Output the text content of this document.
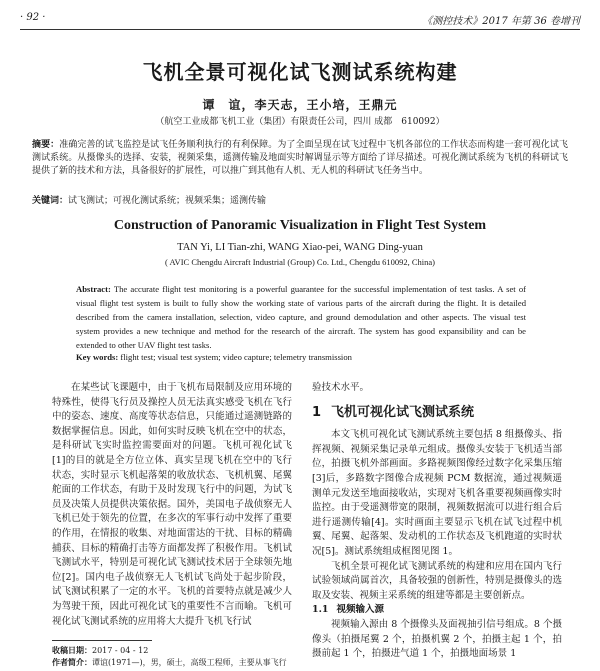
· 92 ·	《测控技术》2017 年第 36 卷增刊
飞机全景可视化试飞测试系统构建
谭　谊，李天志，王小培，王鼎元
（航空工业成都飞机工业（集团）有限责任公司，四川 成都　610092）
摘要：准确完善的试飞监控是试飞任务顺利执行的有利保障。为了全面呈现在试飞过程中飞机各部位的工作状态而构建一套可视化试飞测试系统。从摄像头的选择、安装，视频采集，遥测传输及地面实时解调显示等方面给了详尽描述。可视化测试系统为飞机的科研试飞提供了新的技术和方法，具备很好的扩展性，可以推广到其他有人机、无人机的科研试飞任务当中。
关键词：试飞测试；可视化测试系统；视频采集；遥测传输
Construction of Panoramic Visualization in Flight Test System
TAN Yi, LI Tian-zhi, WANG Xiao-pei, WANG Ding-yuan
( AVIC Chengdu Aircraft Industrial (Group) Co. Ltd., Chengdu 610092, China)
Abstract: The accurate flight test monitoring is a powerful guarantee for the successful implementation of test tasks. A set of visual flight test system is built to fully show the working state of various parts of the aircraft during the flight. It is detailed described from the camera installation, selection, video capture, and ground demodulation and other aspects. The visual test system provides a new technique and method for the research of the aircraft. The system has good expansibility and can be extended to other UAV flight test tasks.
Key words: flight test; visual test system; video capture; telemetry transmission
在某些试飞课题中，由于飞机布局限制及应用环境的特殊性，使得飞行员及操控人员无法真实感受飞机在飞行中的姿态、速度、高度等状态信息，只能通过遥测链路的数据掌握信息。因此，如何实时反映飞机在空中的状态，是科研试飞实时监控需要面对的问题。飞机可视化试飞[1]的目的就是全方位立体、真实呈现飞机在空中的飞行状态，实时显示飞机起落架的收放状态、飞机机翼、尾翼舵面的工作状态，有助于及时发现飞行中的问题，为试飞员及决策人员提供决策依据。国外，美国电子战侦察无人飞机已处于领先的位置，在多次的军事行动中发挥了重要的作用，在情报的收集、对地面雷达的干扰、目标的精确捕获、目标的精确打击等方面都发挥了积极作用。飞机试飞测试水平，特别是可视化试飞测试技术居于全球领先地位[2]。国内电子战侦察无人飞机试飞尚处于起步阶段，试飞测试积累了一定的水平。飞机的首要特点就是减少人为驾驶干预，因此可视化试飞的重要性不言而喻。飞机可视化试飞测试系统的应用将大大提升飞机飞行试
收稿日期：2017 - 04 - 12
作者简介：谭谊(1971—)，男，硕士，高级工程师，主要从事飞行

验技术水平。

1 飞机可视化试飞测试系统

本文飞机可视化试飞测试系统主要包括 8 组摄像头、指挥视频、视频采集记录单元组成。摄像头安装于飞机适当部位，拍摄飞机外部画面。多路视频图像经过数字化采集压缩[3]后，多路数字图像合成视频 PCM 数据流，通过视频遥测单元发送至地面接收站，实现对飞机各重要视频画像实时监控。由于受遥测带宽的限制，视频数据流可以进行组合后进行遥测传输[4]。实时画面主要显示飞机在试飞过程中机翼、尾翼、起落架、发动机的工作状态及飞机跑道的实时状况[5]。测试系统组成框图见图 1。

飞机全景可视化试飞测试系统的构建和应用在国内飞行试验领域尚属首次，具备较强的创新性，特别是摄像头的选取及安装、视频主采系统的组建等都是主要创新点。

1.1 视频输入源

视频输入源由 8 个摄像头及面视抽引信号组成。8 个摄像头（拍摄尾翼 2 个，拍摄机翼 2 个，拍摄主起 1 个，拍摄前起 1 个，拍摄进气道 1 个，拍摄地面场景 1
